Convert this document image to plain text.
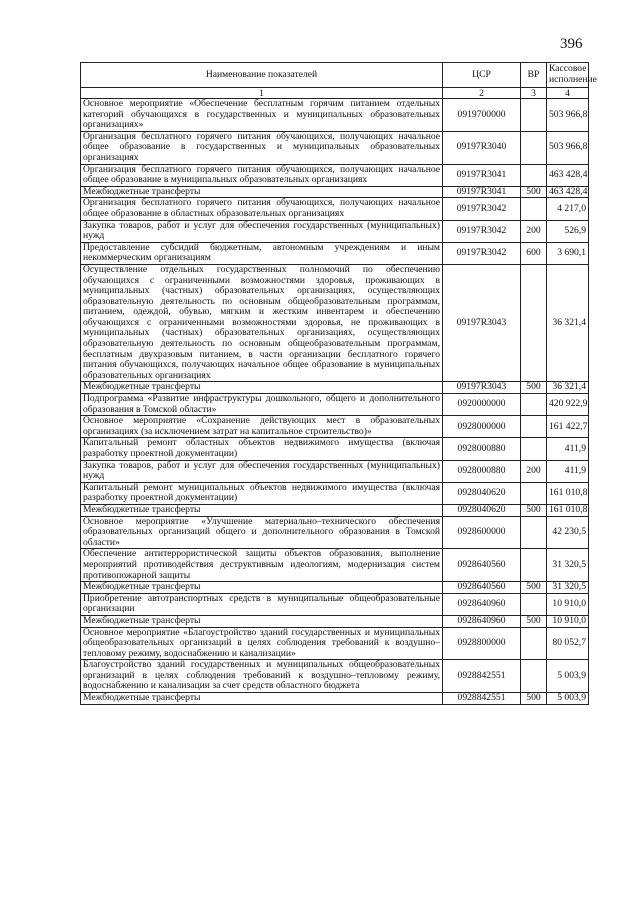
396
Наименование показателей	ЦСР	ВР	Кассовое исполнение
1	2	3	4
Основное мероприятие «Обеспечение бесплатным горячим питанием отдельных категорий обучающихся в государственных и муниципальных образовательных организациях»	0919700000		503 966,8
Организация бесплатного горячего питания обучающихся, получающих начальное общее образование в государственных и муниципальных образовательных организациях	09197R3040		503 966,8
Организация бесплатного горячего питания обучающихся, получающих начальное общее образование в муниципальных образовательных организациях	09197R3041		463 428,4
Межбюджетные трансферты	09197R3041	500	463 428,4
Организация бесплатного горячего питания обучающихся, получающих начальное общее образование в областных образовательных организациях	09197R3042		4 217,0
Закупка товаров, работ и услуг для обеспечения государственных (муниципальных) нужд	09197R3042	200	526,9
Предоставление субсидий бюджетным, автономным учреждениям и иным некоммерческим организациям	09197R3042	600	3 690,1
Осуществление отдельных государственных полномочий по обеспечению обучающихся с ограниченными возможностями здоровья, проживающих в муниципальных (частных) образовательных организациях, осуществляющих образовательную деятельность по основным общеобразовательным программам, питанием, одеждой, обувью, мягким и жестким инвентарем и обеспечению обучающихся с ограниченными возможностями здоровья, не проживающих в муниципальных (частных) образовательных организациях, осуществляющих образовательную деятельность по основным общеобразовательным программам, бесплатным двухразовым питанием, в части организации бесплатного горячего питания обучающихся, получающих начальное общее образование в муниципальных образовательных организациях	09197R3043		36 321,4
Межбюджетные трансферты	09197R3043	500	36 321,4
Подпрограмма «Развитие инфраструктуры дошкольного, общего и дополнительного образования в Томской области»	0920000000		420 922,9
Основное мероприятие «Сохранение действующих мест в образовательных организациях (за исключением затрат на капитальное строительство)»	0928000000		161 422,7
Капитальный ремонт областных объектов недвижимого имущества (включая разработку проектной документации)	0928000880		411,9
Закупка товаров, работ и услуг для обеспечения государственных (муниципальных) нужд	0928000880	200	411,9
Капитальный ремонт муниципальных объектов недвижимого имущества (включая разработку проектной документации)	0928040620		161 010,8
Межбюджетные трансферты	0928040620	500	161 010,8
Основное мероприятие «Улучшение материально–технического обеспечения образовательных организаций общего и дополнительного образования в Томской области»	0928600000		42 230,5
Обеспечение антитеррористической защиты объектов образования, выполнение мероприятий противодействия деструктивным идеологиям, модернизация систем противопожарной защиты	0928640560		31 320,5
Межбюджетные трансферты	0928640560	500	31 320,5
Приобретение автотранспортных средств в муниципальные общеобразовательные организации	0928640960		10 910,0
Межбюджетные трансферты	0928640960	500	10 910,0
Основное мероприятие «Благоустройство зданий государственных и муниципальных общеобразовательных организаций в целях соблюдения требований к воздушно–тепловому режиму, водоснабжению и канализации»	0928800000		80 052,7
Благоустройство зданий государственных и муниципальных общеобразовательных организаций в целях соблюдения требований к воздушно–тепловому режиму, водоснабжению и канализации за счет средств областного бюджета	0928842551		5 003,9
Межбюджетные трансферты	0928842551	500	5 003,9
